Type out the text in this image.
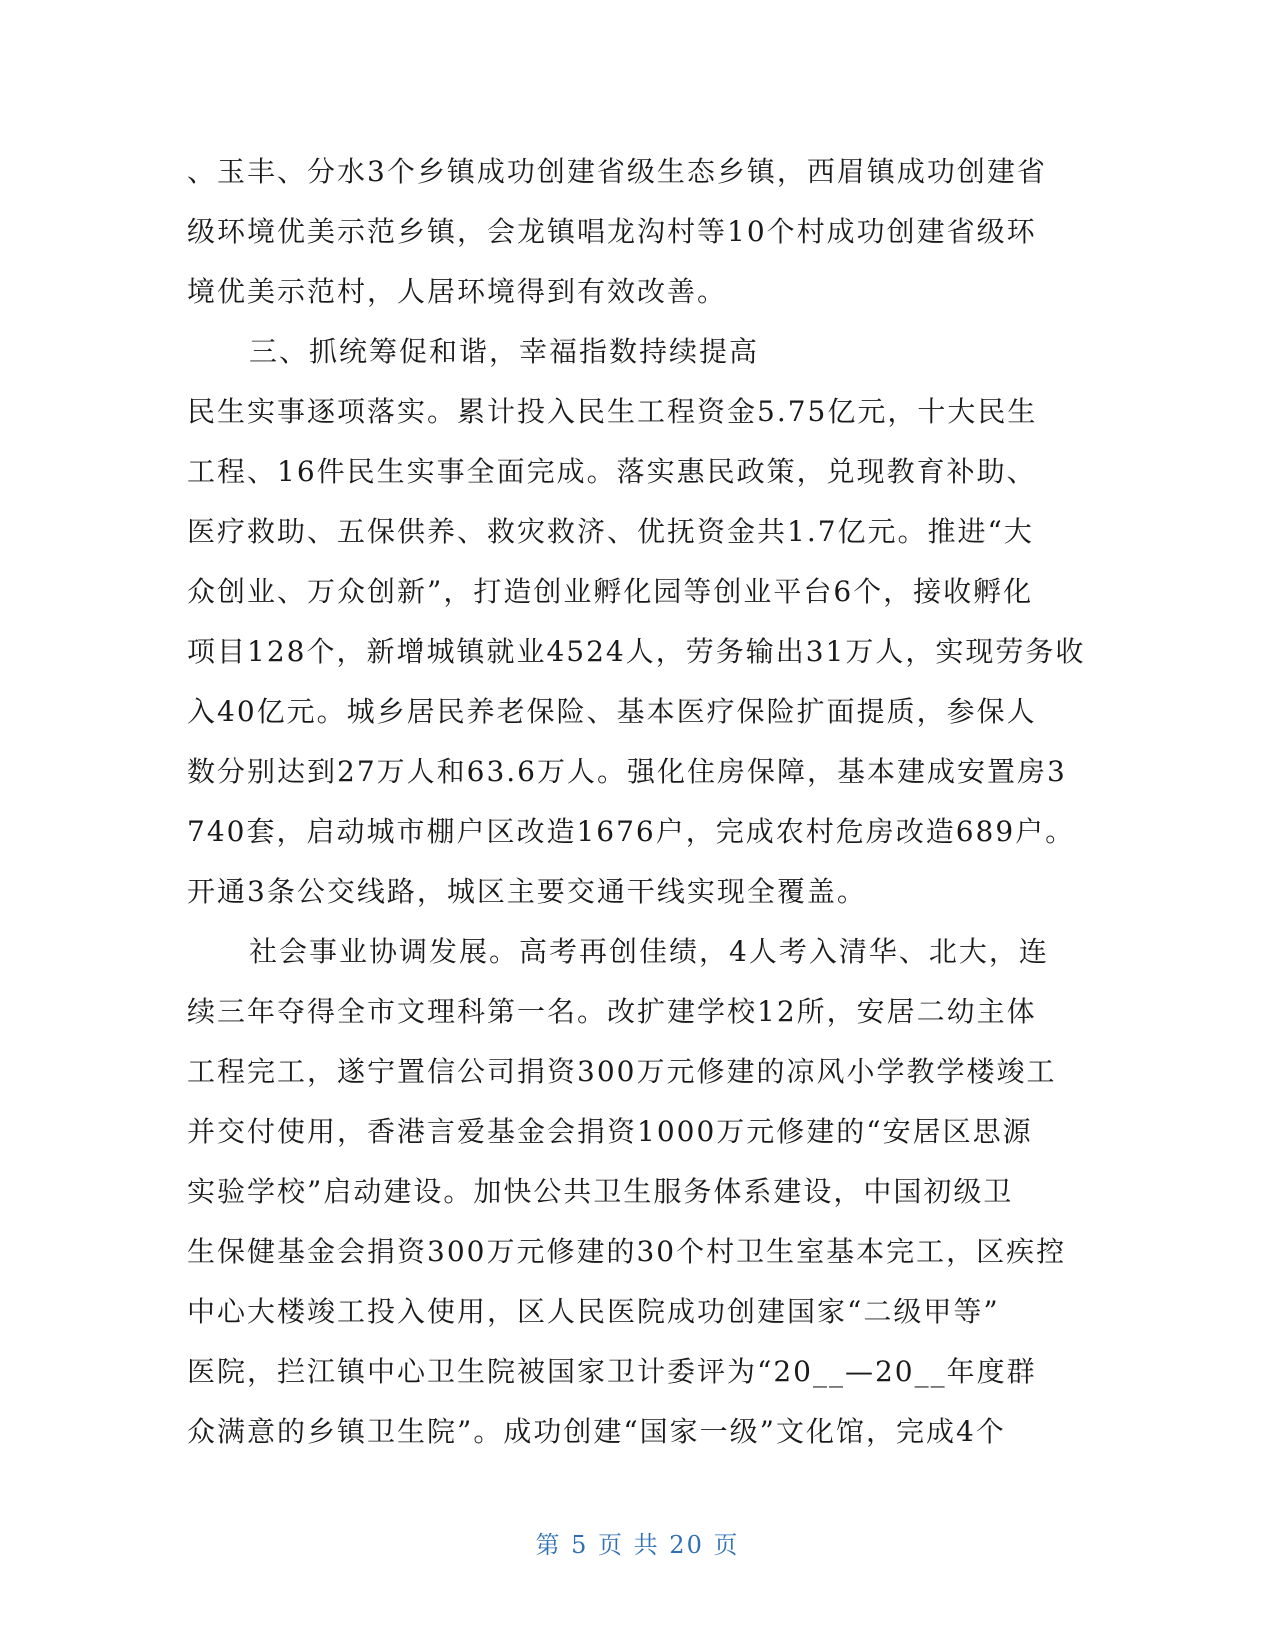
、玉丰、分水3个乡镇成功创建省级生态乡镇，西眉镇成功创建省
级环境优美示范乡镇，会龙镇唱龙沟村等10个村成功创建省级环
境优美示范村，人居环境得到有效改善。
三、抓统筹促和谐，幸福指数持续提高
民生实事逐项落实。累计投入民生工程资金5.75亿元，十大民生
工程、16件民生实事全面完成。落实惠民政策，兑现教育补助、
医疗救助、五保供养、救灾救济、优抚资金共1.7亿元。推进“大
众创业、万众创新”，打造创业孵化园等创业平台6个，接收孵化
项目128个，新增城镇就业4524人，劳务输出31万人，实现劳务收
入40亿元。城乡居民养老保险、基本医疗保险扩面提质，参保人
数分别达到27万人和63.6万人。强化住房保障，基本建成安置房3
740套，启动城市棚户区改造1676户，完成农村危房改造689户。
开通3条公交线路，城区主要交通干线实现全覆盖。
社会事业协调发展。高考再创佳绩，4人考入清华、北大，连
续三年夺得全市文理科第一名。改扩建学校12所，安居二幼主体
工程完工，遂宁置信公司捐资300万元修建的凉风小学教学楼竣工
并交付使用，香港言爱基金会捐资1000万元修建的“安居区思源
实验学校”启动建设。加快公共卫生服务体系建设，中国初级卫
生保健基金会捐资300万元修建的30个村卫生室基本完工，区疾控
中心大楼竣工投入使用，区人民医院成功创建国家“二级甲等”
医院，拦江镇中心卫生院被国家卫计委评为“20__—20__年度群
众满意的乡镇卫生院”。成功创建“国家一级”文化馆，完成4个
第 5 页 共 20 页
